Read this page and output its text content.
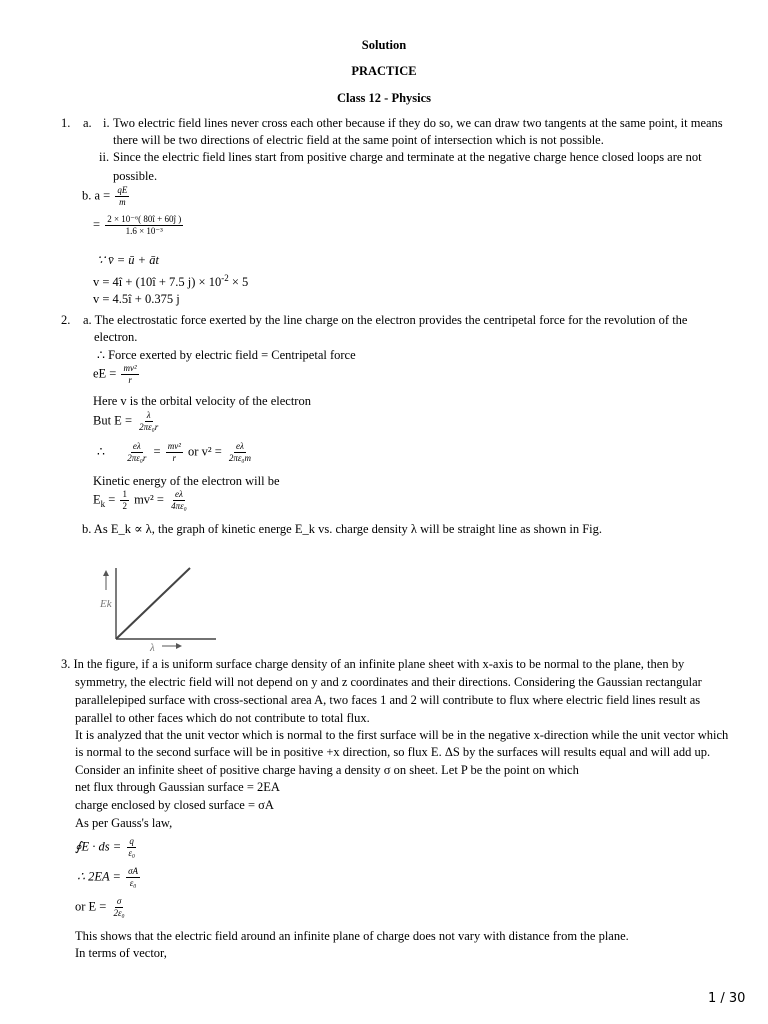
Solution
PRACTICE
Class 12 - Physics
1. a. i. Two electric field lines never cross each other because if they do so, we can draw two tangents at the same point, it means
there will be two directions of electric field at the same point of intersection which is not possible.
ii. Since the electric field lines start from positive charge and terminate at the negative charge hence closed loops are not
possible.
b. $a = \frac{qE}{m}$
= $\frac{\text{2 × 10⁻⁶( 80î + 60ĵ )}}{\text{1.6 × 10⁻³}}$
∵ v̄ = ū + āt
v = 4î + (10î + 7.5 $j) \times 10^{-2} \times 5$
v = 4.5î + 0.375 j
2. a. The electrostatic force exerted by the line charge on the electron provides the centripetal force for the revolution of the
electron.
∴ Force exerted by electric field = Centripetal force
eE = $\frac{\text{mv²}}{r}$
Here v is the orbital velocity of the electron
But $E = \frac{\lambda}{\text{2πε₀r}}$
∴ $\frac{e\lambda}{\text{2πε₀r}} = \frac{\text{mv²}}{r}$ or $v^2 = \frac{e\lambda}{\text{2πε₀m}}$
Kinetic energy of the electron will be
$E_k = \frac{1}{2} mv^2 = \frac{e\lambda}{\text{4πε₀}}$
b. As E_k ∝ λ, the graph of kinetic energe E_k vs. charge density λ will be straight line as shown in Fig.
Ek
λ
3. In the figure, if a is uniform surface charge density of an infinite plane sheet with x-axis to be normal to the plane, then by
symmetry, the electric field will not depend on y and z coordinates and their directions. Considering the Gaussian rectangular
parallelepiped surface with cross-sectional area A, two faces 1 and 2 will contribute to flux where electric field lines result as
parallel to other faces which do not contribute to total flux.
It is analyzed that the unit vector which is normal to the first surface will be in the negative x-direction while the unit vector which
is normal to the second surface will be in positive +x direction, so flux E. ΔS by the surfaces will results equal and will add up.
Consider an infinite sheet of positive charge having a density σ on sheet. Let P be the point on which
net flux through Gaussian surface = 2EA
charge enclosed by closed surface = σA
As per Gauss's law,
∮E · ds = $\frac{q}{\text{ε₀}}$
∴ $2EA = \frac{\sigma A}{\text{ε₀}}$
or $E = \frac{\sigma}{\text{2ε₀}}$
This shows that the electric field around an infinite plane of charge does not vary with distance from the plane.
In terms of vector,
1 / 30
